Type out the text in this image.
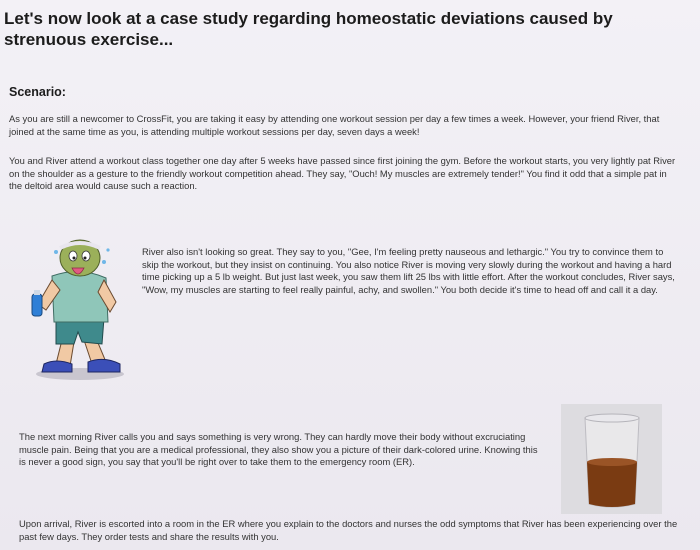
Let's now look at a case study regarding homeostatic deviations caused by strenuous exercise...
Scenario:
As you are still a newcomer to CrossFit, you are taking it easy by attending one workout session per day a few times a week. However, your friend River, that joined at the same time as you, is attending multiple workout sessions per day, seven days a week!
You and River attend a workout class together one day after 5 weeks have passed since first joining the gym. Before the workout starts, you very lightly pat River on the shoulder as a gesture to the friendly workout competition ahead. They say, "Ouch! My muscles are extremely tender!" You find it odd that a simple pat in the deltoid area would cause such a reaction.
River also isn't looking so great. They say to you, "Gee, I'm feeling pretty nauseous and lethargic." You try to convince them to skip the workout, but they insist on continuing. You also notice River is moving very slowly during the workout and having a hard time picking up a 5 lb weight. But just last week, you saw them lift 25 lbs with little effort. After the workout concludes, River says, "Wow, my muscles are starting to feel really painful, achy, and swollen." You both decide it's time to head off and call it a day.
The next morning River calls you and says something is very wrong. They can hardly move their body without excruciating muscle pain. Being that you are a medical professional, they also show you a picture of their dark-colored urine. Knowing this is never a good sign, you say that you'll be right over to take them to the emergency room (ER).
Upon arrival, River is escorted into a room in the ER where you explain to the doctors and nurses the odd symptoms that River has been experiencing over the past few days. They order tests and share the results with you.
